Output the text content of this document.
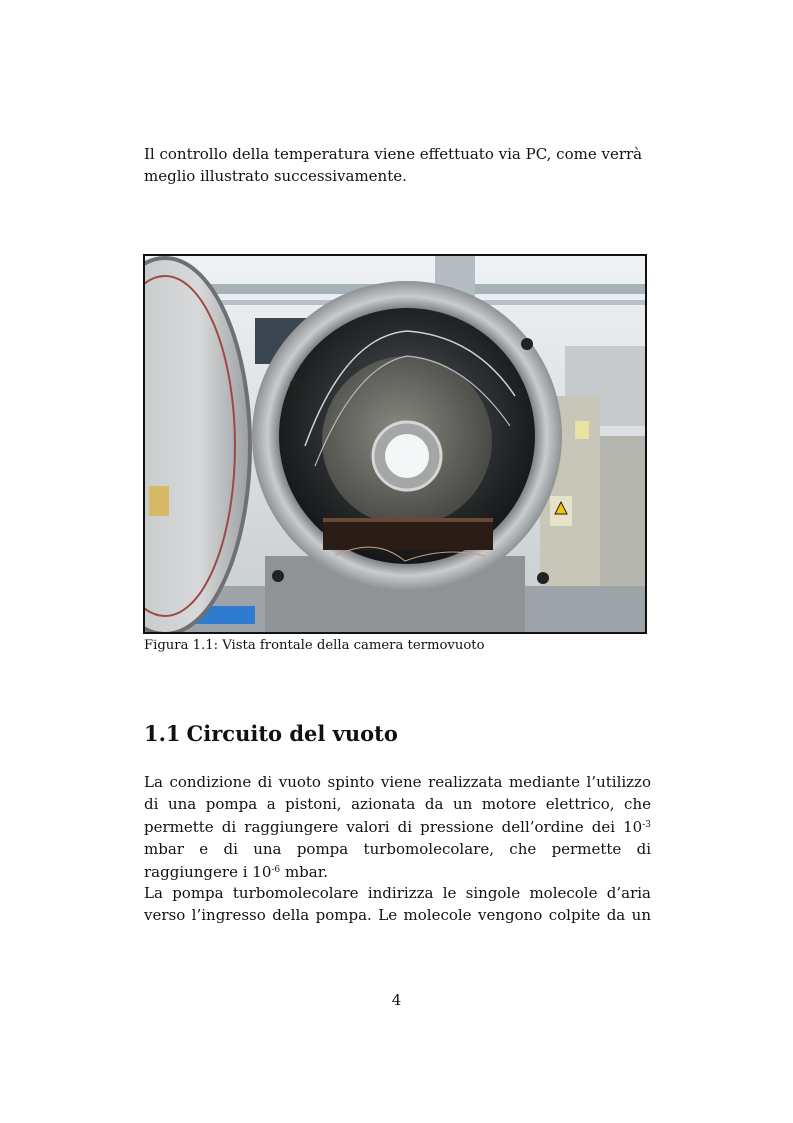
Il controllo della temperatura viene effettuato via PC, come verrà
meglio illustrato successivamente.

Figura 1.1: Vista frontale della camera termovuoto

1.1 Circuito del vuoto

La condizione di vuoto spinto viene realizzata mediante l’utilizzo
di una pompa a pistoni, azionata da un motore elettrico, che
permette di raggiungere valori di pressione dell’ordine dei $10^{-3}$
mbar e di una pompa turbomolecolare, che permette di
raggiungere i $10^{-6}$ mbar.

La pompa turbomolecolare indirizza le singole molecole d’aria
verso l’ingresso della pompa. Le molecole vengono colpite da un

4
